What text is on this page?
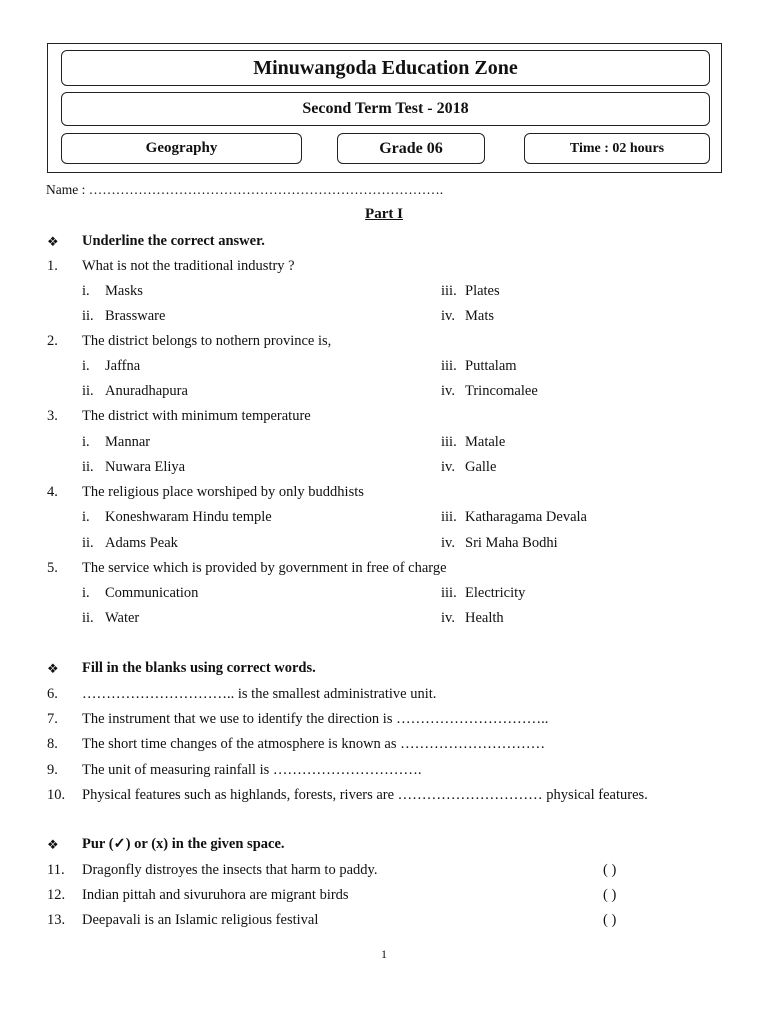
Minuwangoda Education Zone
Second Term Test - 2018
Geography	Grade 06	Time : 02 hours
Name : …………………………………………………………………….
Part I
❖ Underline the correct answer.
1. What is not the traditional industry ?
i. Masks	iii. Plates
ii. Brassware	iv. Mats
2. The district belongs to nothern province is,
i. Jaffna	iii. Puttalam
ii. Anuradhapura	iv. Trincomalee
3. The district with minimum temperature
i. Mannar	iii. Matale
ii. Nuwara Eliya	iv. Galle
4. The religious place worshiped by only buddhists
i. Koneshwaram Hindu temple	iii. Katharagama Devala
ii. Adams Peak	iv. Sri Maha Bodhi
5. The service which is provided by government in free of charge
i. Communication	iii. Electricity
ii. Water	iv. Health
❖ Fill in the blanks using correct words.
6. ………………………….. is the smallest administrative unit.
7. The instrument that we use to identify the direction is …………………………..
8. The short time changes of the atmosphere is known as …………………………
9. The unit of measuring rainfall is ………………………….
10. Physical features such as highlands, forests, rivers are ………………………… physical features.
❖ Pur (✓) or (x) in the given space.
11. Dragonfly distroyes the insects that harm to paddy.	( )
12. Indian pittah and sivuruhora are migrant birds	( )
13. Deepavali is an Islamic religious festival	( )
1
